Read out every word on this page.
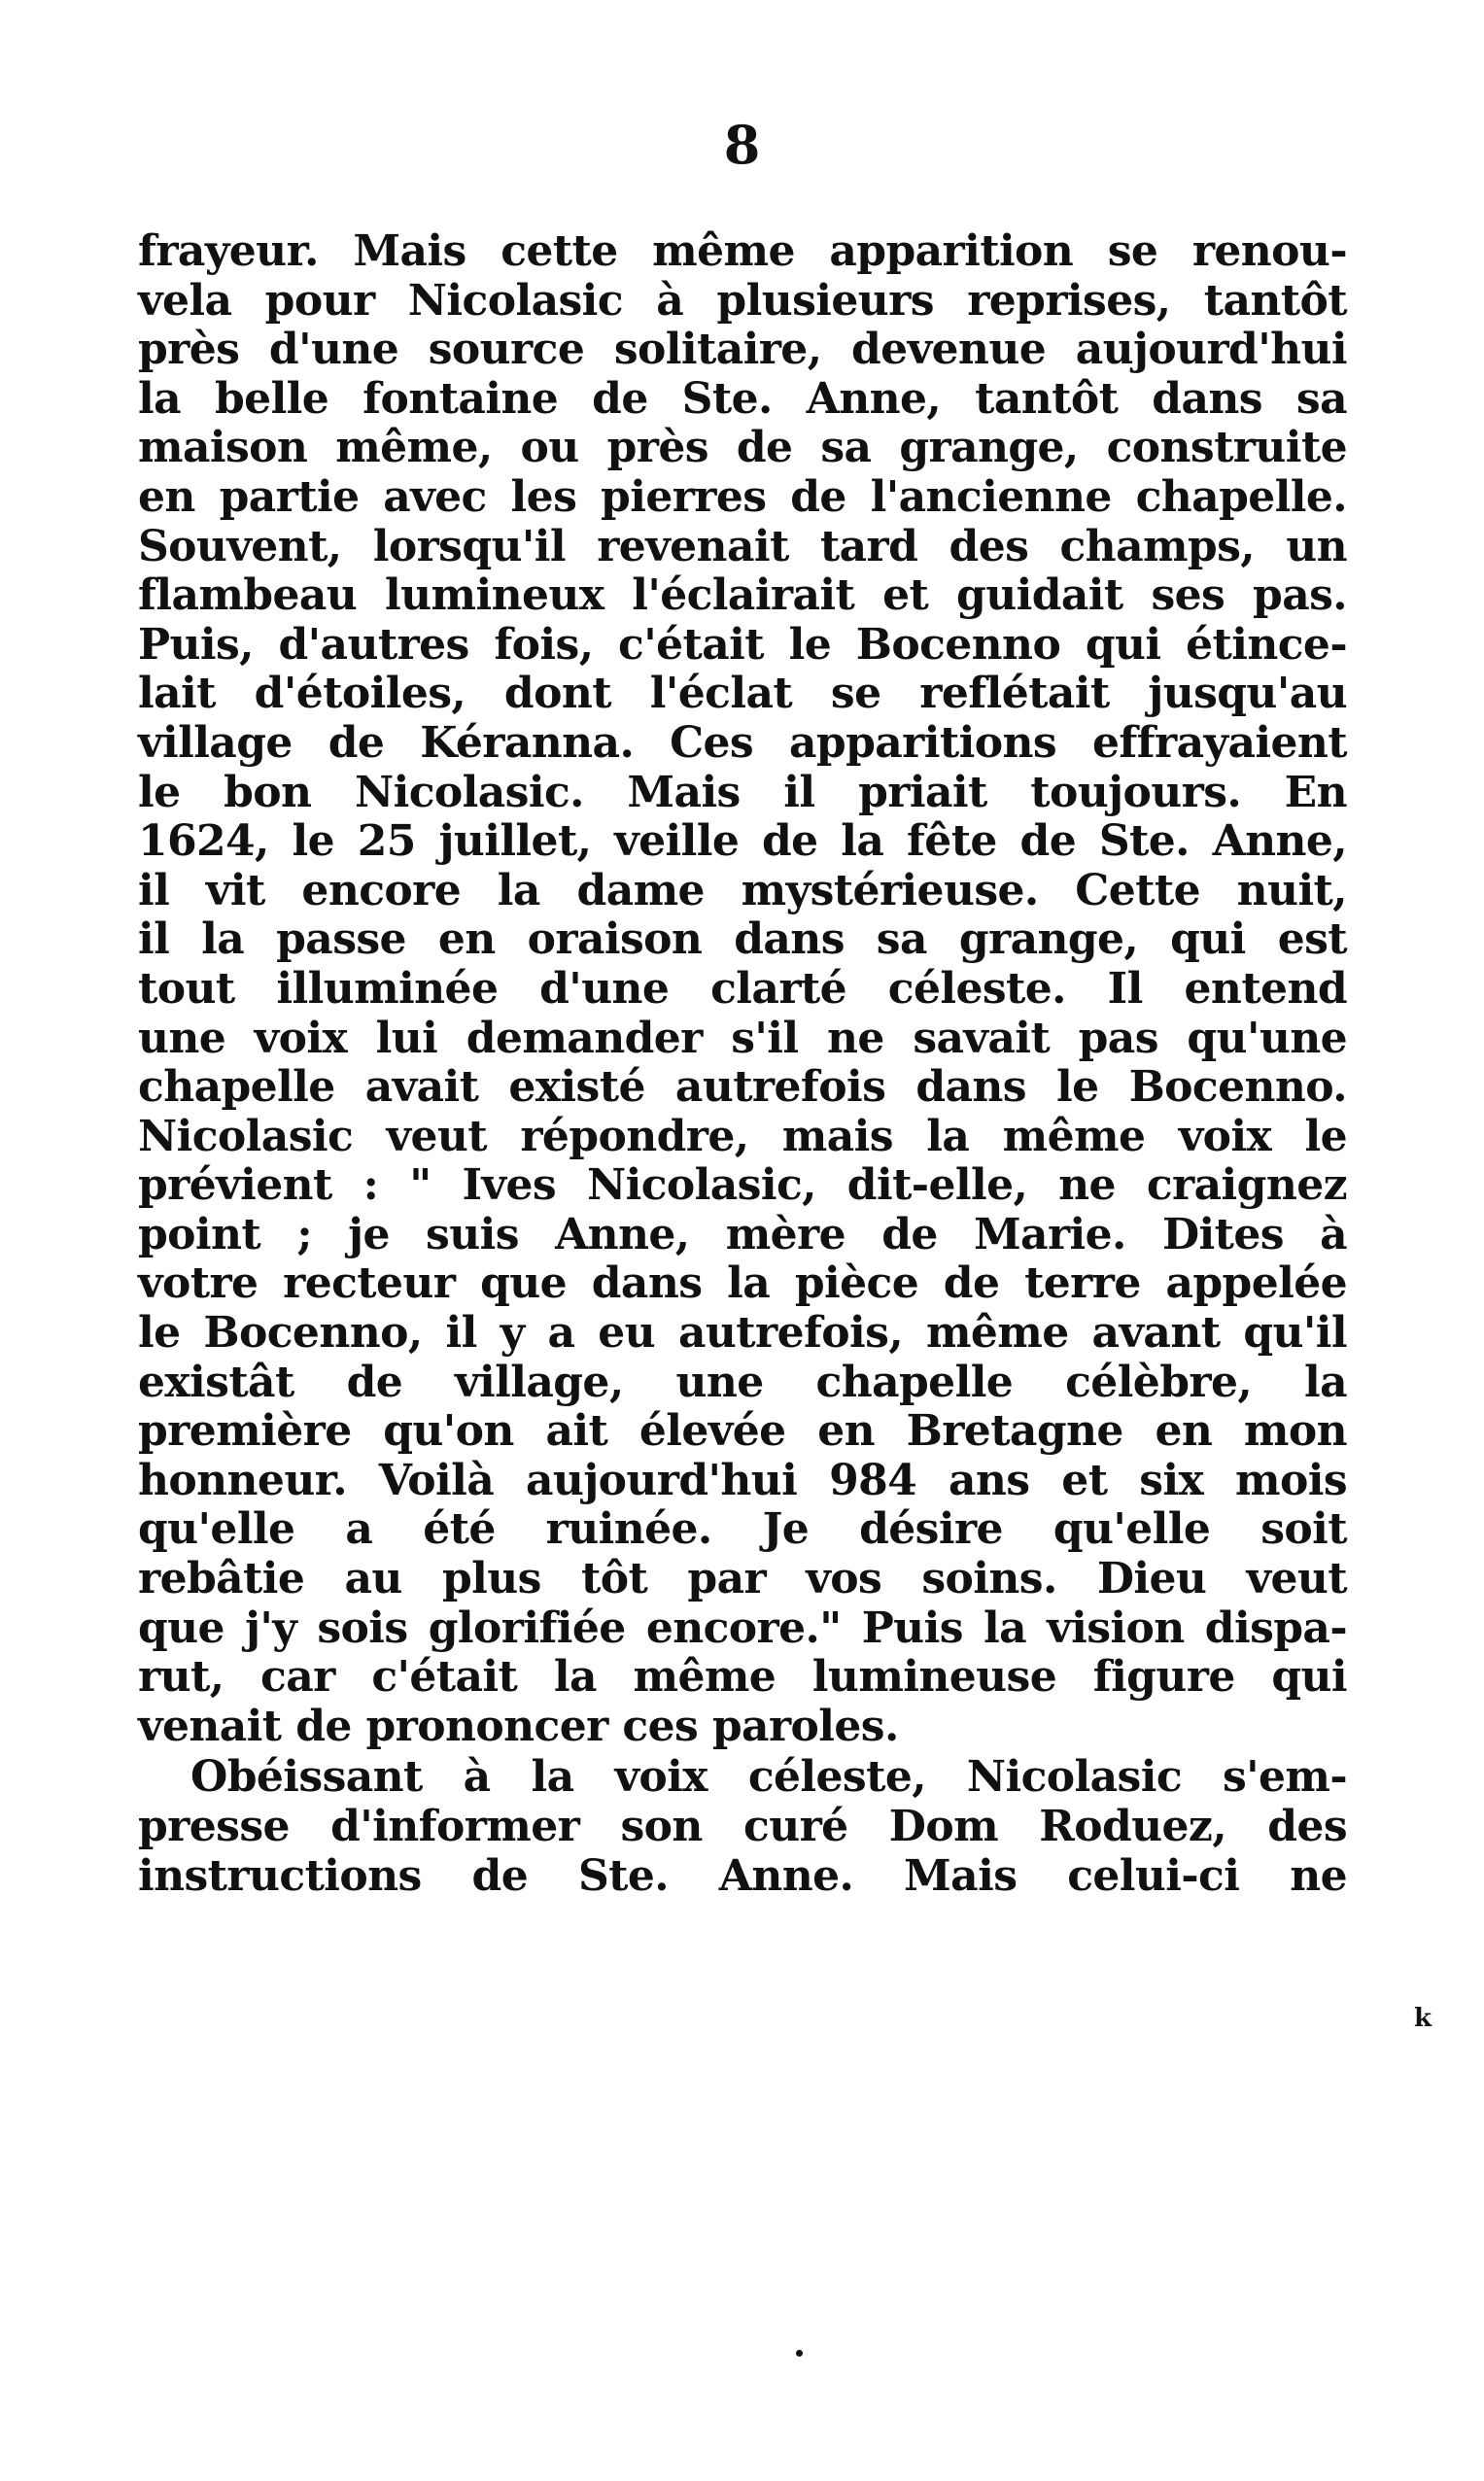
8
frayeur. Mais cette même apparition se renou-
vela pour Nicolasic à plusieurs reprises, tantôt
près d'une source solitaire, devenue aujourd'hui
la belle fontaine de Ste. Anne, tantôt dans sa
maison même, ou près de sa grange, construite
en partie avec les pierres de l'ancienne chapelle.
Souvent, lorsqu'il revenait tard des champs, un
flambeau lumineux l'éclairait et guidait ses pas.
Puis, d'autres fois, c'était le Bocenno qui étince-
lait d'étoiles, dont l'éclat se reflétait jusqu'au
village de Kéranna. Ces apparitions effrayaient
le bon Nicolasic. Mais il priait toujours. En
1624, le 25 juillet, veille de la fête de Ste. Anne,
il vit encore la dame mystérieuse. Cette nuit,
il la passe en oraison dans sa grange, qui est
tout illuminée d'une clarté céleste. Il entend
une voix lui demander s'il ne savait pas qu'une
chapelle avait existé autrefois dans le Bocenno.
Nicolasic veut répondre, mais la même voix le
prévient : " Ives Nicolasic, dit-elle, ne craignez
point ; je suis Anne, mère de Marie. Dites à
votre recteur que dans la pièce de terre appelée
le Bocenno, il y a eu autrefois, même avant qu'il
existât de village, une chapelle célèbre, la
première qu'on ait élevée en Bretagne en mon
honneur. Voilà aujourd'hui 984 ans et six mois
qu'elle a été ruinée. Je désire qu'elle soit
rebâtie au plus tôt par vos soins. Dieu veut
que j'y sois glorifiée encore." Puis la vision dispa-
rut, car c'était la même lumineuse figure qui
venait de prononcer ces paroles.
Obéissant à la voix céleste, Nicolasic s'em-
presse d'informer son curé Dom Roduez, des
instructions de Ste. Anne. Mais celui-ci ne
k
